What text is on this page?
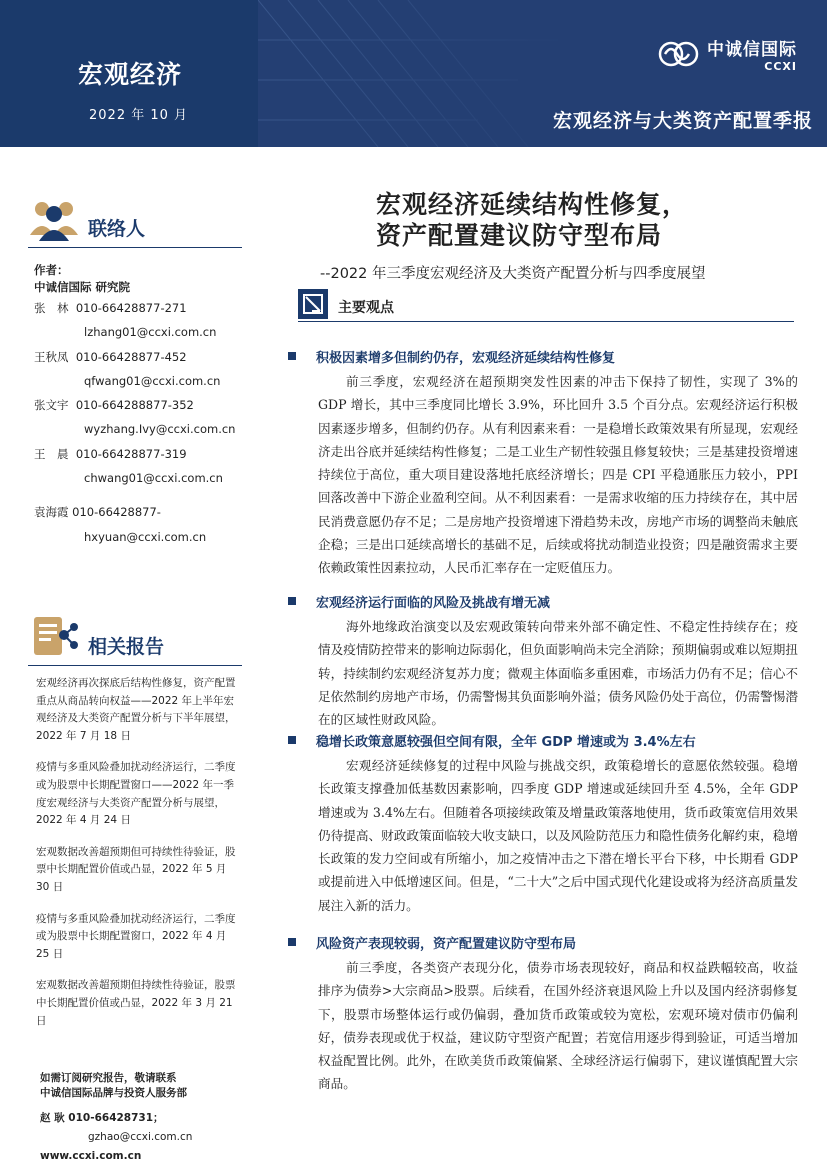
宏观经济
2022 年 10 月
中诚信国际
CCXI
宏观经济与大类资产配置季报
联络人
作者：
中诚信国际 研究院
张　林 010-66428877-271
lzhang01@ccxi.com.cn
王秋凤 010-66428877-452
qfwang01@ccxi.com.cn
张文宇 010-664288877-352
wyzhang.Ivy@ccxi.com.cn
王　晨 010-66428877-319
chwang01@ccxi.com.cn
袁海霞 010-66428877-
hxyuan@ccxi.com.cn
相关报告
宏观经济再次探底后结构性修复，资产配置重点从商品转向权益——2022 年上半年宏观经济及大类资产配置分析与下半年展望，2022 年 7 月 18 日
疫情与多重风险叠加扰动经济运行，二季度或为股票中长期配置窗口——2022 年一季度宏观经济与大类资产配置分析与展望，2022 年 4 月 24 日
宏观数据改善超预期但可持续性待验证，股票中长期配置价值或凸显，2022 年 5 月 30 日
疫情与多重风险叠加扰动经济运行，二季度或为股票中长期配置窗口，2022 年 4 月 25 日
宏观数据改善超预期但持续性待验证，股票中长期配置价值或凸显，2022 年 3 月 21 日
如需订阅研究报告，敬请联系
中诚信国际品牌与投资人服务部
赵 耿 010-66428731；
gzhao@ccxi.com.cn
www.ccxi.com.cn
宏观经济延续结构性修复，
资产配置建议防守型布局
--2022 年三季度宏观经济及大类资产配置分析与四季度展望
主要观点
积极因素增多但制约仍存，宏观经济延续结构性修复

前三季度，宏观经济在超预期突发性因素的冲击下保持了韧性，实现了 3%的 GDP 增长，其中三季度同比增长 3.9%，环比回升 3.5 个百分点。宏观经济运行积极因素逐步增多，但制约仍存。从有利因素来看：一是稳增长政策效果有所显现，宏观经济走出谷底并延续结构性修复；二是工业生产韧性较强且修复较快；三是基建投资增速持续位于高位，重大项目建设落地托底经济增长；四是 CPI 平稳通胀压力较小，PPI 回落改善中下游企业盈利空间。从不利因素看：一是需求收缩的压力持续存在，其中居民消费意愿仍存不足；二是房地产投资增速下滑趋势未改，房地产市场的调整尚未触底企稳；三是出口延续高增长的基础不足，后续或将扰动制造业投资；四是融资需求主要依赖政策性因素拉动，人民币汇率存在一定贬值压力。

宏观经济运行面临的风险及挑战有增无减

海外地缘政治演变以及宏观政策转向带来外部不确定性、不稳定性持续存在；疫情及疫情防控带来的影响边际弱化，但负面影响尚未完全消除；预期偏弱或难以短期扭转，持续制约宏观经济复苏力度；微观主体面临多重困难，市场活力仍有不足；信心不足依然制约房地产市场，仍需警惕其负面影响外溢；债务风险仍处于高位，仍需警惕潜在的区域性财政风险。

稳增长政策意愿较强但空间有限，全年 GDP 增速或为 3.4%左右

宏观经济延续修复的过程中风险与挑战交织，政策稳增长的意愿依然较强。稳增长政策支撑叠加低基数因素影响，四季度 GDP 增速或延续回升至 4.5%，全年 GDP 增速或为 3.4%左右。但随着各项接续政策及增量政策落地使用，货币政策宽信用效果仍待提高、财政政策面临较大收支缺口，以及风险防范压力和隐性债务化解约束，稳增长政策的发力空间或有所缩小，加之疫情冲击之下潜在增长平台下移，中长期看 GDP 或提前进入中低增速区间。但是，“二十大”之后中国式现代化建设或将为经济高质量发展注入新的活力。

风险资产表现较弱，资产配置建议防守型布局

前三季度，各类资产表现分化，债券市场表现较好，商品和权益跌幅较高，收益排序为债券>大宗商品>股票。后续看，在国外经济衰退风险上升以及国内经济弱修复下，股票市场整体运行或仍偏弱，叠加货币政策或较为宽松，宏观环境对债市仍偏利好，债券表现或优于权益，建议防守型资产配置；若宽信用逐步得到验证，可适当增加权益配置比例。此外，在欧美货币政策偏紧、全球经济运行偏弱下，建议谨慎配置大宗商品。
